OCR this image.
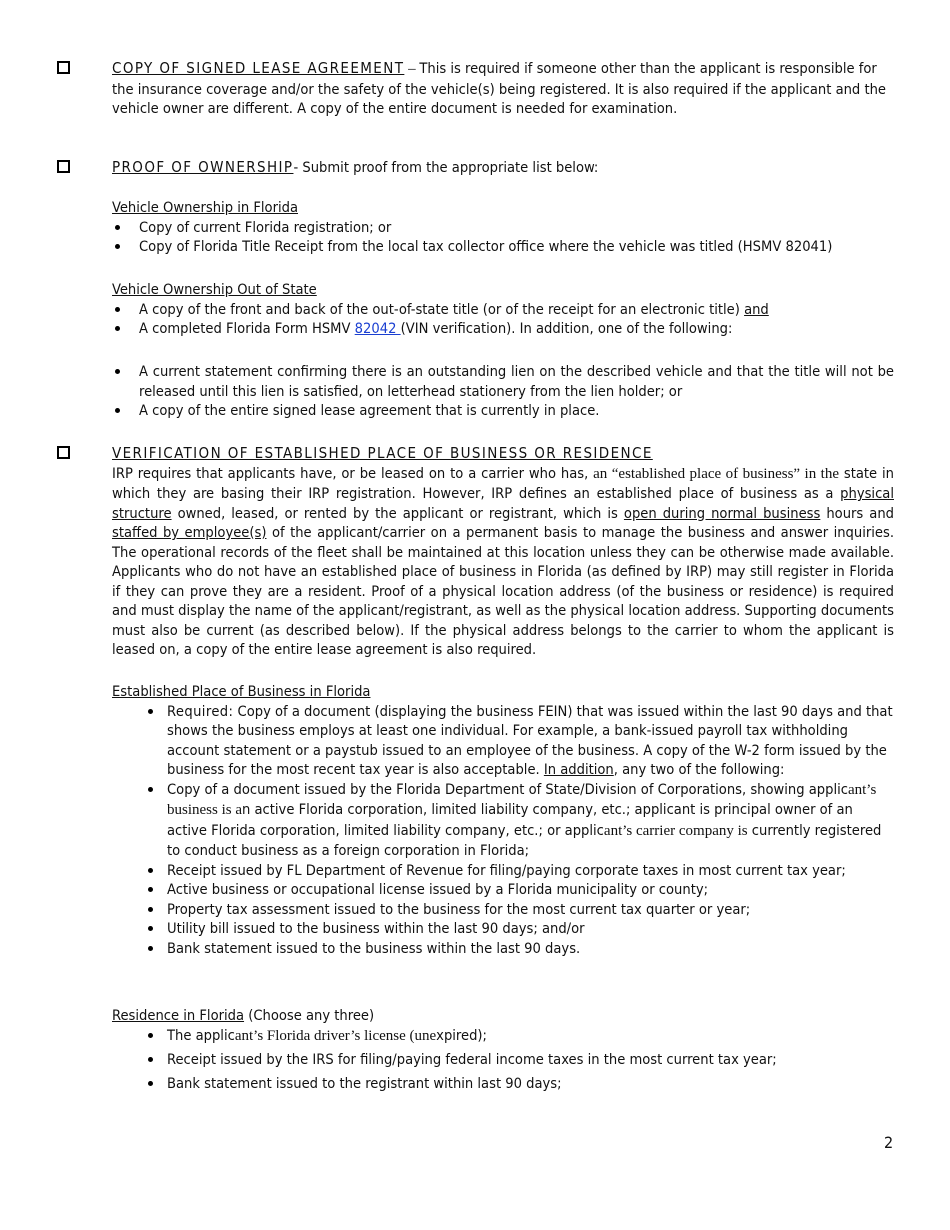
COPY OF SIGNED LEASE AGREEMENT – This is required if someone other than the applicant is responsible for the insurance coverage and/or the safety of the vehicle(s) being registered. It is also required if the applicant and the vehicle owner are different. A copy of the entire document is needed for examination.
PROOF OF OWNERSHIP- Submit proof from the appropriate list below:
Vehicle Ownership in Florida
Copy of current Florida registration; or
Copy of Florida Title Receipt from the local tax collector office where the vehicle was titled (HSMV 82041)
Vehicle Ownership Out of State
A copy of the front and back of the out-of-state title (or of the receipt for an electronic title) and
A completed Florida Form HSMV 82042 (VIN verification). In addition, one of the following:
A current statement confirming there is an outstanding lien on the described vehicle and that the title will not be released until this lien is satisfied, on letterhead stationery from the lien holder; or
A copy of the entire signed lease agreement that is currently in place.
VERIFICATION OF ESTABLISHED PLACE OF BUSINESS OR RESIDENCE
IRP requires that applicants have, or be leased on to a carrier who has, an “established place of business” in the state in which they are basing their IRP registration. However, IRP defines an established place of business as a physical structure owned, leased, or rented by the applicant or registrant, which is open during normal business hours and staffed by employee(s) of the applicant/carrier on a permanent basis to manage the business and answer inquiries. The operational records of the fleet shall be maintained at this location unless they can be otherwise made available. Applicants who do not have an established place of business in Florida (as defined by IRP) may still register in Florida if they can prove they are a resident. Proof of a physical location address (of the business or residence) is required and must display the name of the applicant/registrant, as well as the physical location address. Supporting documents must also be current (as described below). If the physical address belongs to the carrier to whom the applicant is leased on, a copy of the entire lease agreement is also required.
Established Place of Business in Florida
Required: Copy of a document (displaying the business FEIN) that was issued within the last 90 days and that shows the business employs at least one individual. For example, a bank-issued payroll tax withholding account statement or a paystub issued to an employee of the business. A copy of the W-2 form issued by the business for the most recent tax year is also acceptable. In addition, any two of the following:
Copy of a document issued by the Florida Department of State/Division of Corporations, showing applicant’s business is an active Florida corporation, limited liability company, etc.; applicant is principal owner of an active Florida corporation, limited liability company, etc.; or applicant’s carrier company is currently registered to conduct business as a foreign corporation in Florida;
Receipt issued by FL Department of Revenue for filing/paying corporate taxes in most current tax year;
Active business or occupational license issued by a Florida municipality or county;
Property tax assessment issued to the business for the most current tax quarter or year;
Utility bill issued to the business within the last 90 days; and/or
Bank statement issued to the business within the last 90 days.
Residence in Florida (Choose any three)
The applicant’s Florida driver’s license (unexpired);
Receipt issued by the IRS for filing/paying federal income taxes in the most current tax year;
Bank statement issued to the registrant within last 90 days;
2
